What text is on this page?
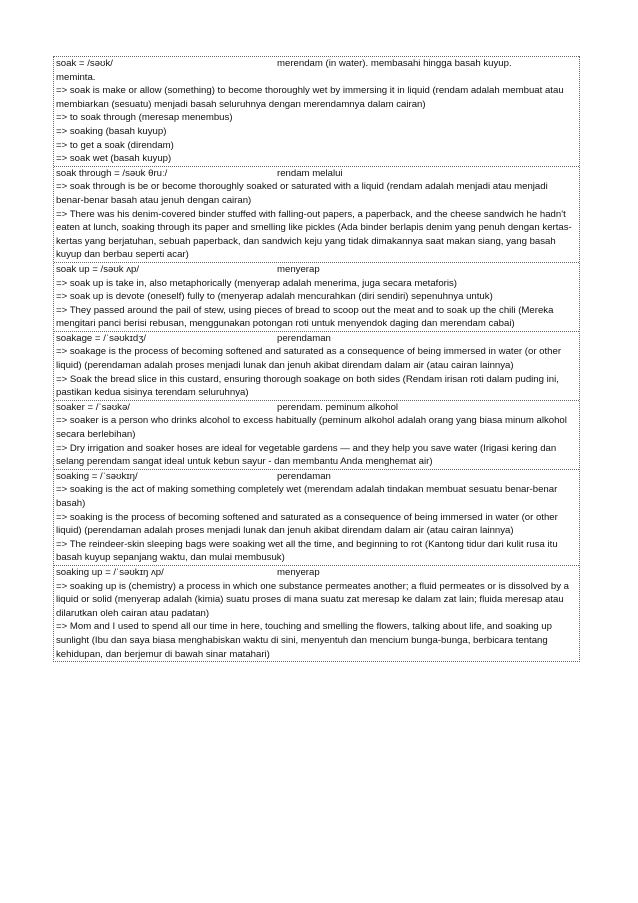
soak = /səʊk/	merendam (in water). membasahi hingga basah kuyup.
meminta.
=> soak is make or allow (something) to become thoroughly wet by immersing it in liquid (rendam adalah membuat atau membiarkan (sesuatu) menjadi basah seluruhnya dengan merendamnya dalam cairan)
=> to soak through (meresap menembus)
=> soaking (basah kuyup)
=> to get a soak (direndam)
=> soak wet (basah kuyup)
soak through = /səʊk θruː/	rendam melalui
=> soak through is be or become thoroughly soaked or saturated with a liquid (rendam adalah menjadi atau menjadi benar-benar basah atau jenuh dengan cairan)
=> There was his denim-covered binder stuffed with falling-out papers, a paperback, and the cheese sandwich he hadn't eaten at lunch, soaking through its paper and smelling like pickles (Ada binder berlapis denim yang penuh dengan kertas-kertas yang berjatuhan, sebuah paperback, dan sandwich keju yang tidak dimakannya saat makan siang, yang basah kuyup dan berbau seperti acar)
soak up = /səʊk ʌp/	menyerap
=> soak up is take in, also metaphorically (menyerap adalah menerima, juga secara metaforis)
=> soak up is devote (oneself) fully to (menyerap adalah mencurahkan (diri sendiri) sepenuhnya untuk)
=> They passed around the pail of stew, using pieces of bread to scoop out the meat and to soak up the chili (Mereka mengitari panci berisi rebusan, menggunakan potongan roti untuk menyendok daging dan merendam cabai)
soakage = /ˈsəʊkɪdʒ/	perendaman
=> soakage is the process of becoming softened and saturated as a consequence of being immersed in water (or other liquid) (perendaman adalah proses menjadi lunak dan jenuh akibat direndam dalam air (atau cairan lainnya)
=> Soak the bread slice in this custard, ensuring thorough soakage on both sides (Rendam irisan roti dalam puding ini, pastikan kedua sisinya terendam seluruhnya)
soaker = /ˈsəʊkə/	perendam. peminum alkohol
=> soaker is a person who drinks alcohol to excess habitually (peminum alkohol adalah orang yang biasa minum alkohol secara berlebihan)
=> Dry irrigation and soaker hoses are ideal for vegetable gardens — and they help you save water (Irigasi kering dan selang perendam sangat ideal untuk kebun sayur - dan membantu Anda menghemat air)
soaking = /ˈsəʊkɪŋ/	perendaman
=> soaking is the act of making something completely wet (merendam adalah tindakan membuat sesuatu benar-benar basah)
=> soaking is the process of becoming softened and saturated as a consequence of being immersed in water (or other liquid) (perendaman adalah proses menjadi lunak dan jenuh akibat direndam dalam air (atau cairan lainnya)
=> The reindeer-skin sleeping bags were soaking wet all the time, and beginning to rot (Kantong tidur dari kulit rusa itu basah kuyup sepanjang waktu, dan mulai membusuk)
soaking up = /ˈsəʊkɪŋ ʌp/	menyerap
=> soaking up is (chemistry) a process in which one substance permeates another; a fluid permeates or is dissolved by a liquid or solid (menyerap adalah (kimia) suatu proses di mana suatu zat meresap ke dalam zat lain; fluida meresap atau dilarutkan oleh cairan atau padatan)
=> Mom and I used to spend all our time in here, touching and smelling the flowers, talking about life, and soaking up sunlight (Ibu dan saya biasa menghabiskan waktu di sini, menyentuh dan mencium bunga-bunga, berbicara tentang kehidupan, dan berjemur di bawah sinar matahari)
